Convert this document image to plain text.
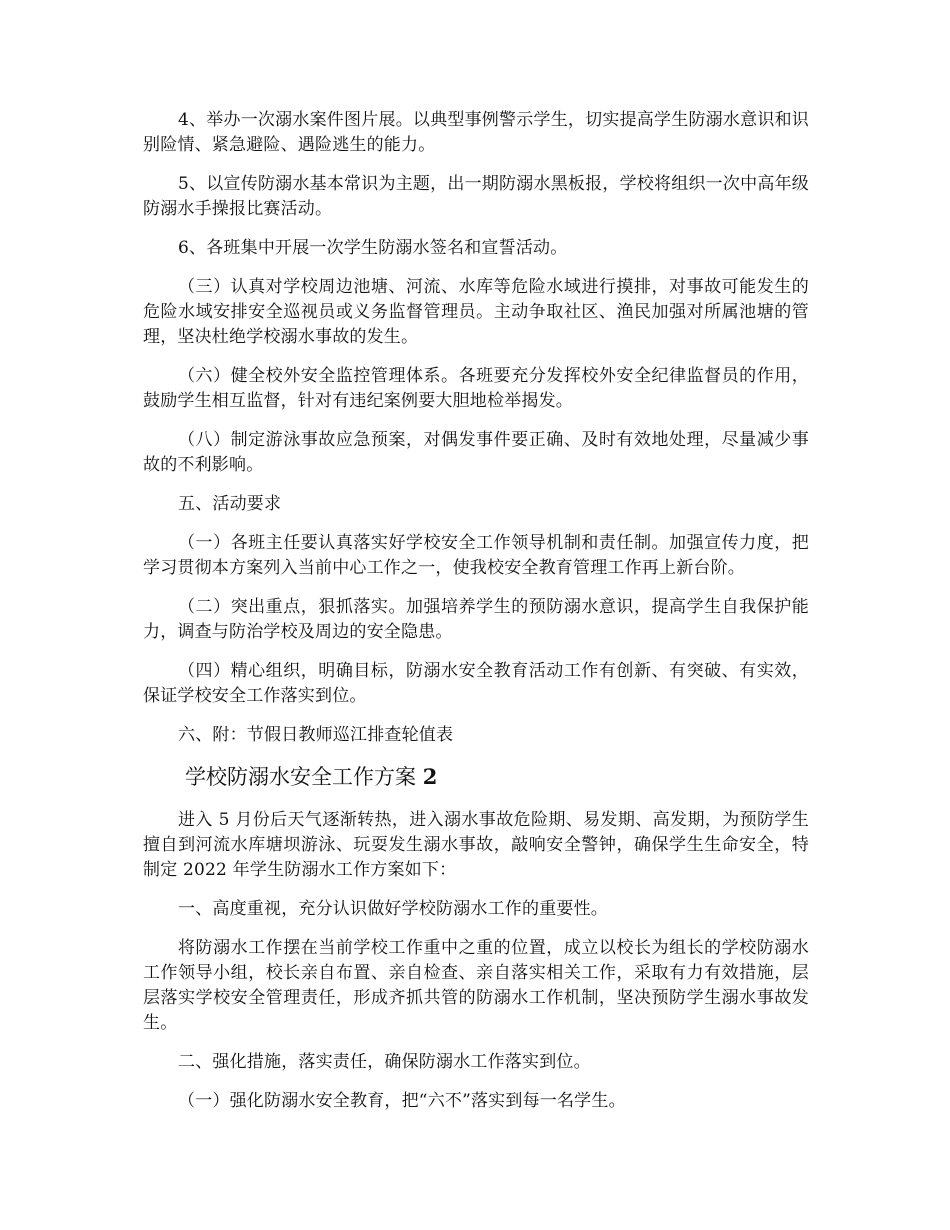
4、举办一次溺水案件图片展。以典型事例警示学生，切实提高学生防溺水意识和识别险情、紧急避险、遇险逃生的能力。

5、以宣传防溺水基本常识为主题，出一期防溺水黑板报，学校将组织一次中高年级防溺水手操报比赛活动。

6、各班集中开展一次学生防溺水签名和宣誓活动。

（三）认真对学校周边池塘、河流、水库等危险水域进行摸排，对事故可能发生的危险水域安排安全巡视员或义务监督管理员。主动争取社区、渔民加强对所属池塘的管理，坚决杜绝学校溺水事故的发生。

（六）健全校外安全监控管理体系。各班要充分发挥校外安全纪律监督员的作用，鼓励学生相互监督，针对有违纪案例要大胆地检举揭发。

（八）制定游泳事故应急预案，对偶发事件要正确、及时有效地处理，尽量减少事故的不利影响。

五、活动要求

（一）各班主任要认真落实好学校安全工作领导机制和责任制。加强宣传力度，把学习贯彻本方案列入当前中心工作之一，使我校安全教育管理工作再上新台阶。

（二）突出重点，狠抓落实。加强培养学生的预防溺水意识，提高学生自我保护能力，调查与防治学校及周边的安全隐患。

（四）精心组织，明确目标，防溺水安全教育活动工作有创新、有突破、有实效，保证学校安全工作落实到位。

六、附：节假日教师巡江排查轮值表

学校防溺水安全工作方案 2

进入 5 月份后天气逐渐转热，进入溺水事故危险期、易发期、高发期，为预防学生擅自到河流水库塘坝游泳、玩耍发生溺水事故，敲响安全警钟，确保学生生命安全，特制定 2022 年学生防溺水工作方案如下：

一、高度重视，充分认识做好学校防溺水工作的重要性。

将防溺水工作摆在当前学校工作重中之重的位置，成立以校长为组长的学校防溺水工作领导小组，校长亲自布置、亲自检查、亲自落实相关工作，采取有力有效措施，层层落实学校安全管理责任，形成齐抓共管的防溺水工作机制，坚决预防学生溺水事故发生。

二、强化措施，落实责任，确保防溺水工作落实到位。

（一）强化防溺水安全教育，把“六不”落实到每一名学生。
